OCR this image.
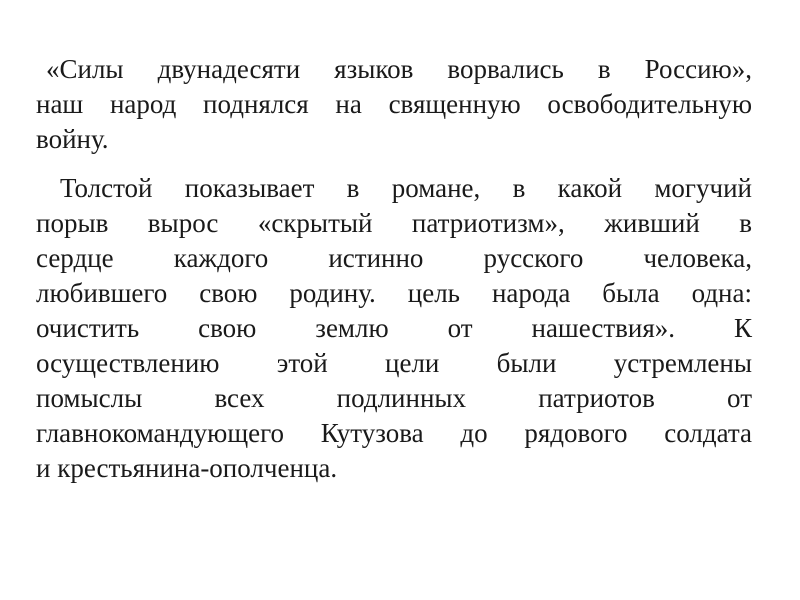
«Силы двунадесяти языков ворвались в Россию»,
наш народ поднялся на священную освободительную
войну.

Толстой показывает в романе, в какой могучий
порыв вырос «скрытый патриотизм», живший в
сердце каждого истинно русского человека,
любившего свою родину. цель народа была одна:
очистить свою землю от нашествия». К
осуществлению этой цели были устремлены
помыслы всех подлинных патриотов от
главнокомандующего Кутузова до рядового солдата
и крестьянина-ополченца.
